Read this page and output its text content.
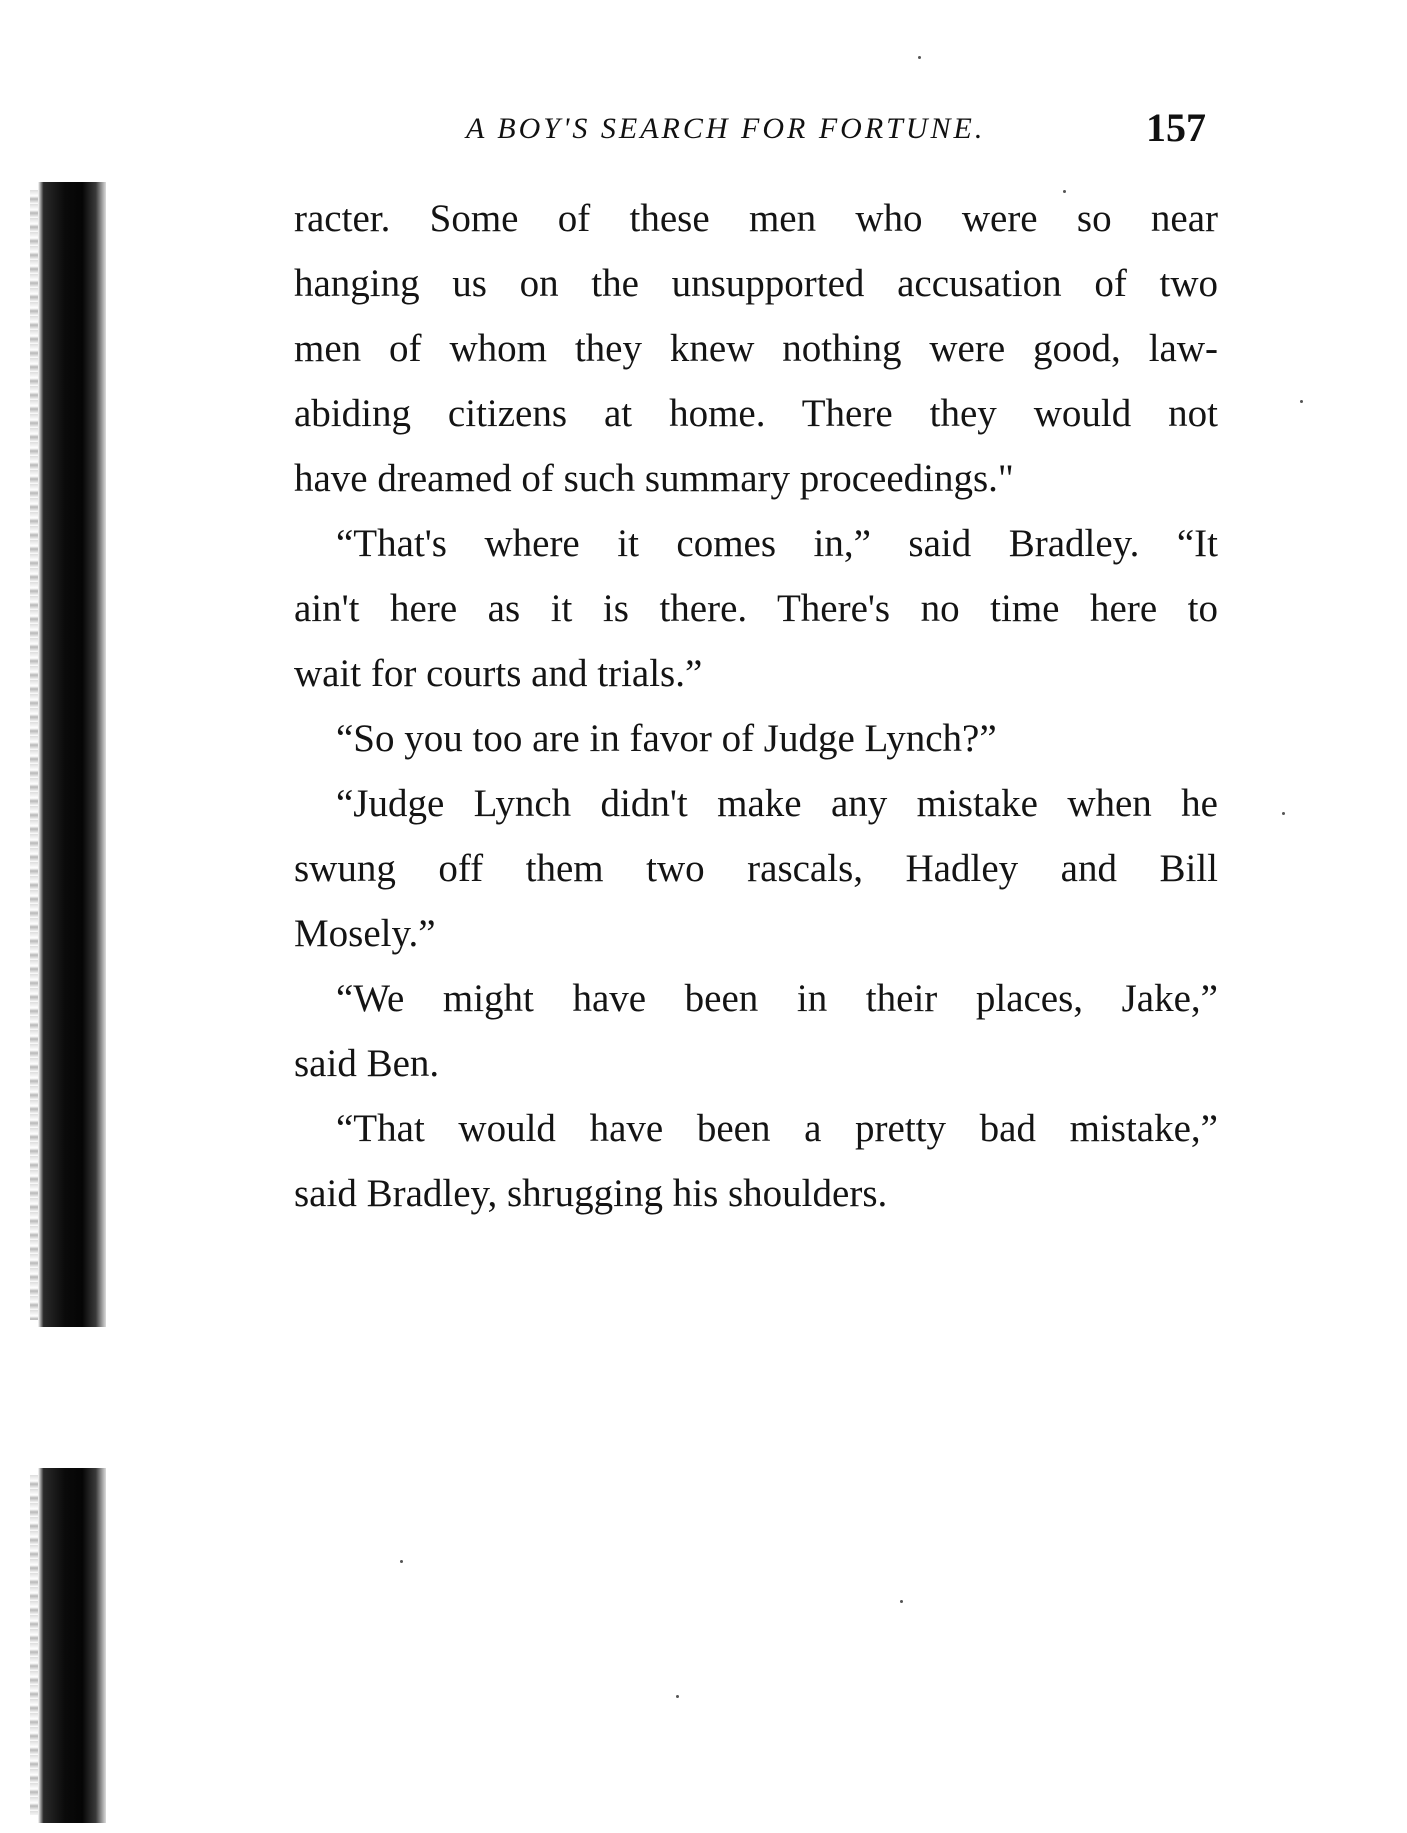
A BOY'S SEARCH FOR FORTUNE.	157
racter. Some of these men who were so near
hanging us on the unsupported accusation of two
men of whom they knew nothing were good, law-
abiding citizens at home. There they would not
have dreamed of such summary proceedings."
“That's where it comes in,” said Bradley. “It
ain't here as it is there. There's no time here to
wait for courts and trials.”
“So you too are in favor of Judge Lynch?”
“Judge Lynch didn't make any mistake when he
swung off them two rascals, Hadley and Bill
Mosely.”
“We might have been in their places, Jake,”
said Ben.
“That would have been a pretty bad mistake,”
said Bradley, shrugging his shoulders.
